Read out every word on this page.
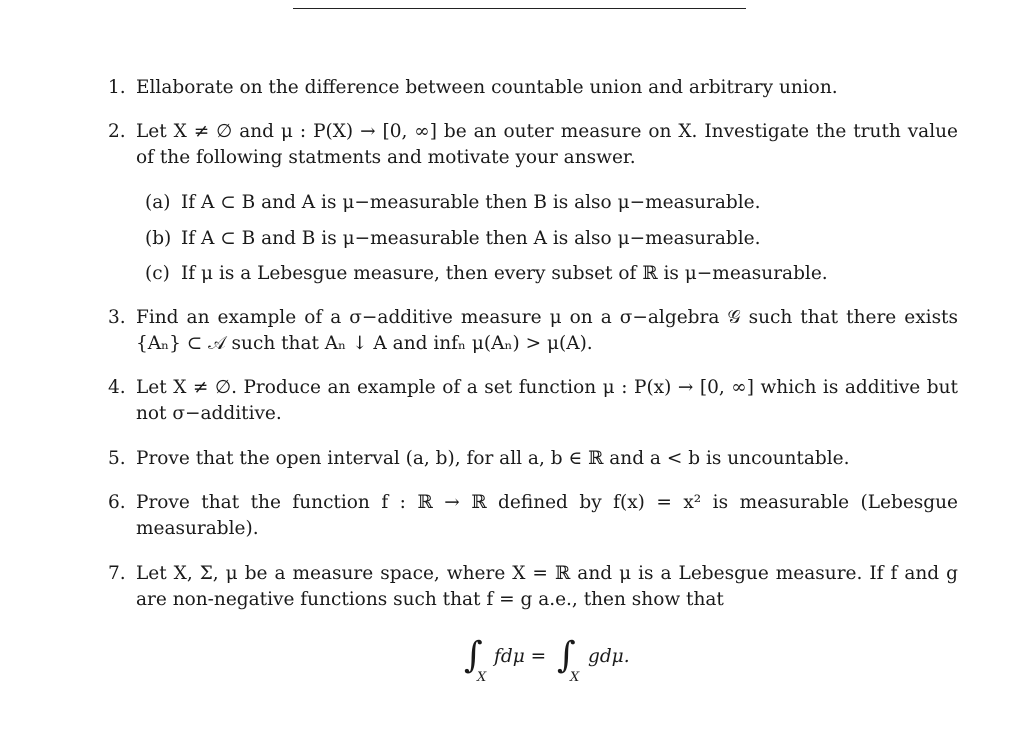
1. Ellaborate on the difference between countable union and arbitrary union.
2. Let X ≠ ∅ and μ : P(X) → [0, ∞] be an outer measure on X. Investigate the truth value of the following statments and motivate your answer.
(a) If A ⊂ B and A is μ−measurable then B is also μ−measurable.
(b) If A ⊂ B and B is μ−measurable then A is also μ−measurable.
(c) If μ is a Lebesgue measure, then every subset of ℝ is μ−measurable.
3. Find an example of a σ−additive measure μ on a σ−algebra 𝒢 such that there exists {Aₙ} ⊂ 𝒜 such that Aₙ ↓ A and infₙ μ(Aₙ) > μ(A).
4. Let X ≠ ∅. Produce an example of a set function μ : P(x) → [0, ∞] which is additive but not σ−additive.
5. Prove that the open interval (a, b), for all a, b ∈ ℝ and a < b is uncountable.
6. Prove that the function f : ℝ → ℝ defined by f(x) = x² is measurable (Lebesgue measurable).
7. Let X, Σ, μ be a measure space, where X = ℝ and μ is a Lebesgue measure. If f and g are non-negative functions such that f = g a.e., then show that
∫
X
fdμ = ∫
X
gdμ.
